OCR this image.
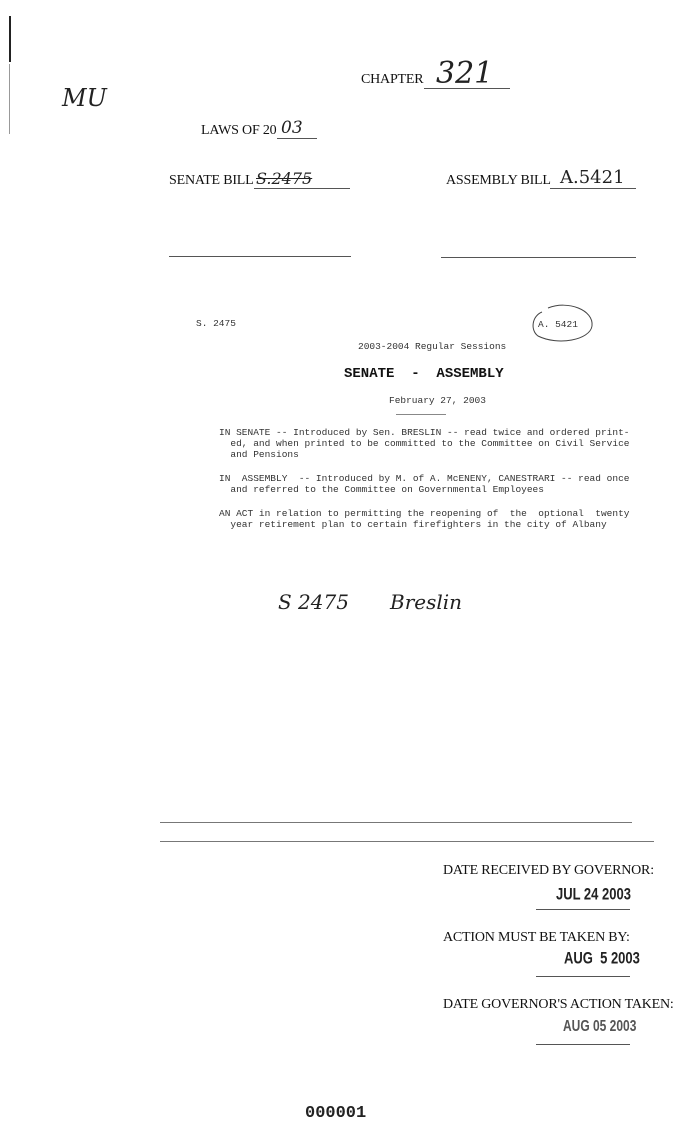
MU
CHAPTER 321
LAWS OF 20 03
SENATE BILL S.2475	ASSEMBLY BILL A.5421
S. 2475	A. 5421
2003-2004 Regular Sessions
SENATE  -  ASSEMBLY
February 27, 2003
IN SENATE -- Introduced by Sen. BRESLIN -- read twice and ordered print-
ed, and when printed to be committed to the Committee on Civil Service
and Pensions
IN  ASSEMBLY  -- Introduced by M. of A. McENENY, CANESTRARI -- read once
and referred to the Committee on Governmental Employees
AN ACT in relation to permitting the reopening of  the  optional  twenty
year retirement plan to certain firefighters in the city of Albany
S 2475 Breslin
DATE RECEIVED BY GOVERNOR:
JUL 24 2003
ACTION MUST BE TAKEN BY:
AUG  5 2003
DATE GOVERNOR'S ACTION TAKEN:
AUG 05 2003
000001
